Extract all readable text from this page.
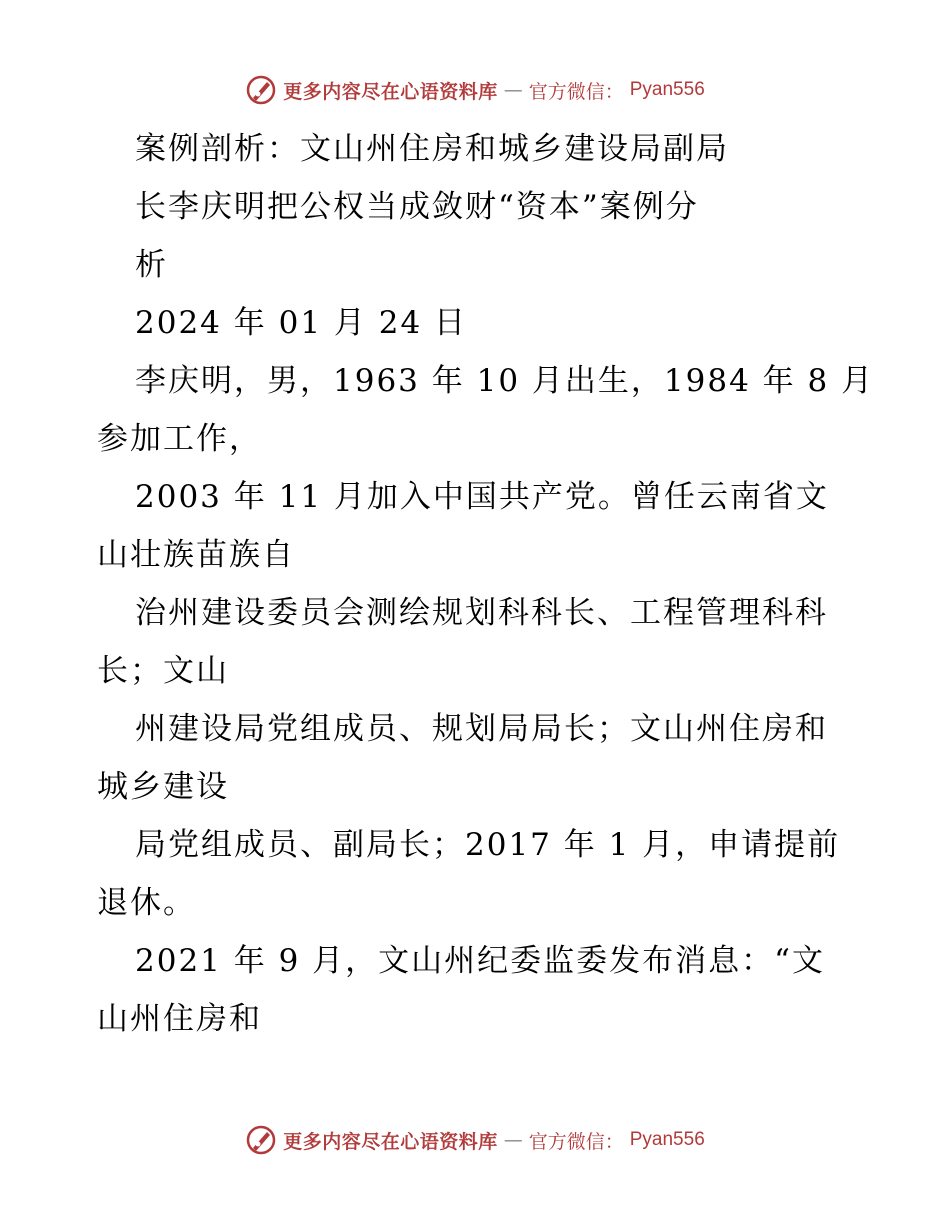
更多内容尽在心语资料库 — 官方微信： Pyan556
案例剖析：文山州住房和城乡建设局副局
长李庆明把公权当成敛财“资本”案例分
析
2024 年 01 月 24 日
李庆明，男，1963 年 10 月出生，1984 年 8 月
参加工作，
2003 年 11 月加入中国共产党。曾任云南省文
山壮族苗族自
治州建设委员会测绘规划科科长、工程管理科科
长；文山
州建设局党组成员、规划局局长；文山州住房和
城乡建设
局党组成员、副局长；2017 年 1 月，申请提前
退休。
2021 年 9 月，文山州纪委监委发布消息：“文
山州住房和
更多内容尽在心语资料库 — 官方微信： Pyan556
